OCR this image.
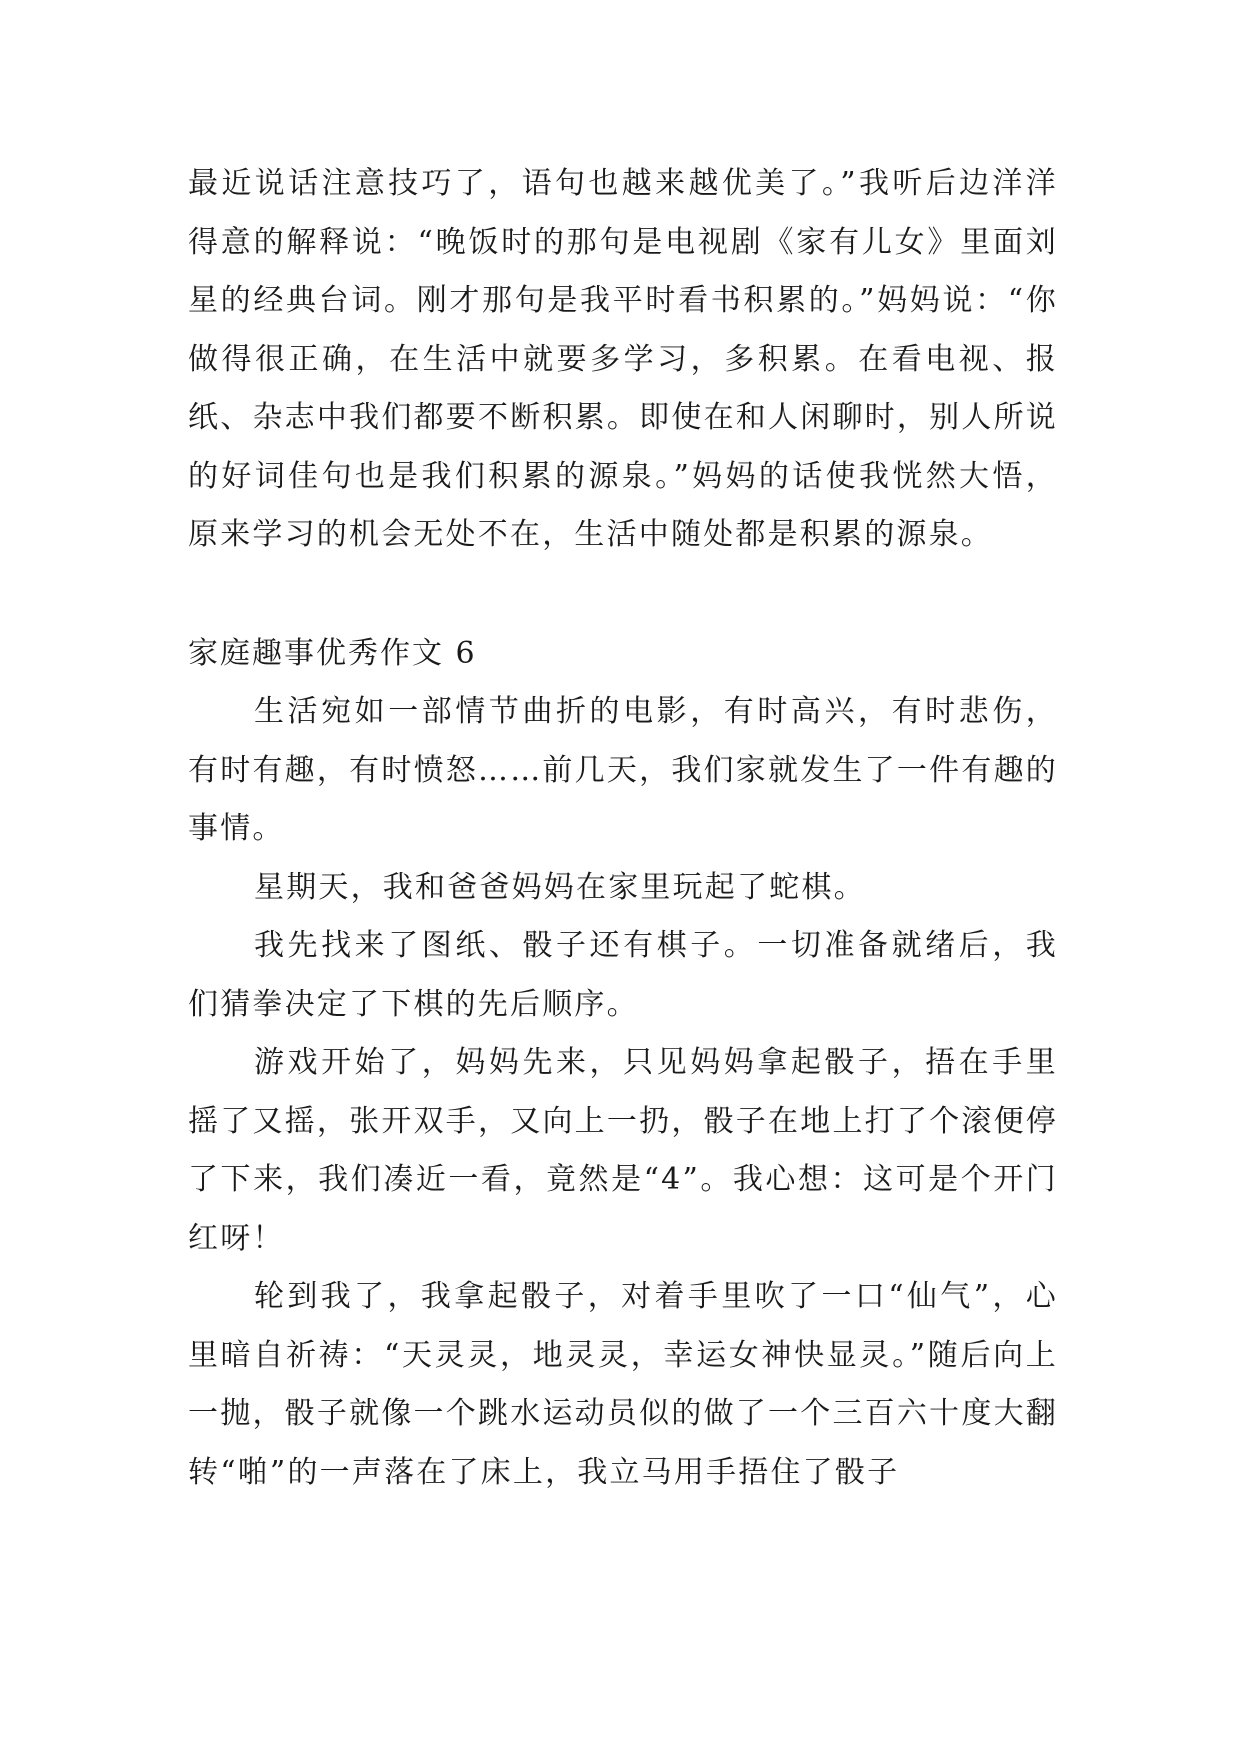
最近说话注意技巧了，语句也越来越优美了。”我听后边洋洋得意的解释说：“晚饭时的那句是电视剧《家有儿女》里面刘星的经典台词。刚才那句是我平时看书积累的。”妈妈说：“你做得很正确，在生活中就要多学习，多积累。在看电视、报纸、杂志中我们都要不断积累。即使在和人闲聊时，别人所说的好词佳句也是我们积累的源泉。”妈妈的话使我恍然大悟，原来学习的机会无处不在，生活中随处都是积累的源泉。

家庭趣事优秀作文 6

生活宛如一部情节曲折的电影，有时高兴，有时悲伤，有时有趣，有时愤怒……前几天，我们家就发生了一件有趣的事情。

星期天，我和爸爸妈妈在家里玩起了蛇棋。

我先找来了图纸、骰子还有棋子。一切准备就绪后，我们猜拳决定了下棋的先后顺序。

游戏开始了，妈妈先来，只见妈妈拿起骰子，捂在手里摇了又摇，张开双手，又向上一扔，骰子在地上打了个滚便停了下来，我们凑近一看，竟然是“4”。我心想：这可是个开门红呀！

轮到我了，我拿起骰子，对着手里吹了一口“仙气”，心里暗自祈祷：“天灵灵，地灵灵，幸运女神快显灵。”随后向上一抛，骰子就像一个跳水运动员似的做了一个三百六十度大翻转“啪”的一声落在了床上，我立马用手捂住了骰子
